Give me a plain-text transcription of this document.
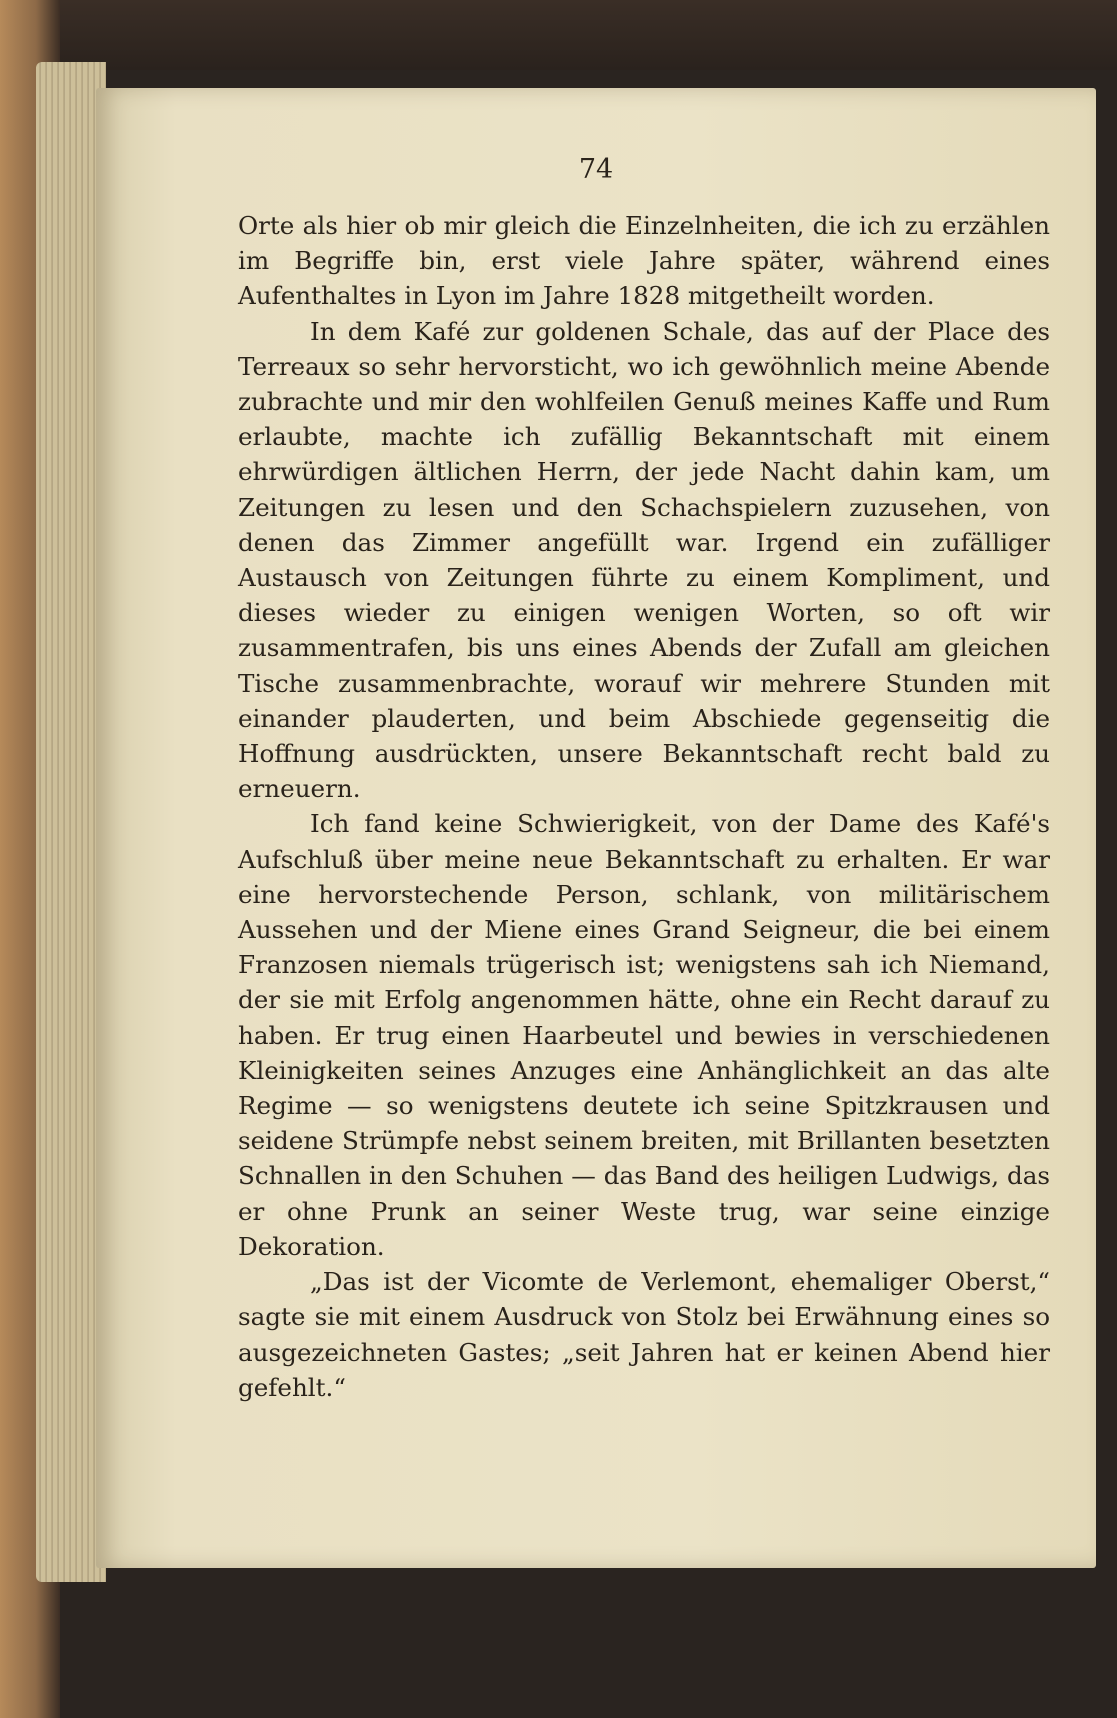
74

Orte als hier ob mir gleich die Einzelnheiten, die ich zu erzählen im Begriffe bin, erst viele Jahre später, während eines Aufenthaltes in Lyon im Jahre 1828 mitgetheilt worden.

In dem Kafé zur goldenen Schale, das auf der Place des Terreaux so sehr hervorsticht, wo ich gewöhnlich meine Abende zubrachte und mir den wohlfeilen Genuß meines Kaffe und Rum erlaubte, machte ich zufällig Bekanntschaft mit einem ehrwürdigen ältlichen Herrn, der jede Nacht dahin kam, um Zeitungen zu lesen und den Schachspielern zuzusehen, von denen das Zimmer angefüllt war. Irgend ein zufälliger Austausch von Zeitungen führte zu einem Kompliment, und dieses wieder zu einigen wenigen Worten, so oft wir zusammentrafen, bis uns eines Abends der Zufall am gleichen Tische zusammenbrachte, worauf wir mehrere Stunden mit einander plauderten, und beim Abschiede gegenseitig die Hoffnung ausdrückten, unsere Bekanntschaft recht bald zu erneuern.

Ich fand keine Schwierigkeit, von der Dame des Kafé's Aufschluß über meine neue Bekanntschaft zu erhalten. Er war eine hervorstechende Person, schlank, von militärischem Aussehen und der Miene eines Grand Seigneur, die bei einem Franzosen niemals trügerisch ist; wenigstens sah ich Niemand, der sie mit Erfolg angenommen hätte, ohne ein Recht darauf zu haben. Er trug einen Haarbeutel und bewies in verschiedenen Kleinigkeiten seines Anzuges eine Anhänglichkeit an das alte Regime — so wenigstens deutete ich seine Spitzkrausen und seidene Strümpfe nebst seinem breiten, mit Brillanten besetzten Schnallen in den Schuhen — das Band des heiligen Ludwigs, das er ohne Prunk an seiner Weste trug, war seine einzige Dekoration.

„Das ist der Vicomte de Verlemont, ehemaliger Oberst,“ sagte sie mit einem Ausdruck von Stolz bei Erwähnung eines so ausgezeichneten Gastes; „seit Jahren hat er keinen Abend hier gefehlt.“
